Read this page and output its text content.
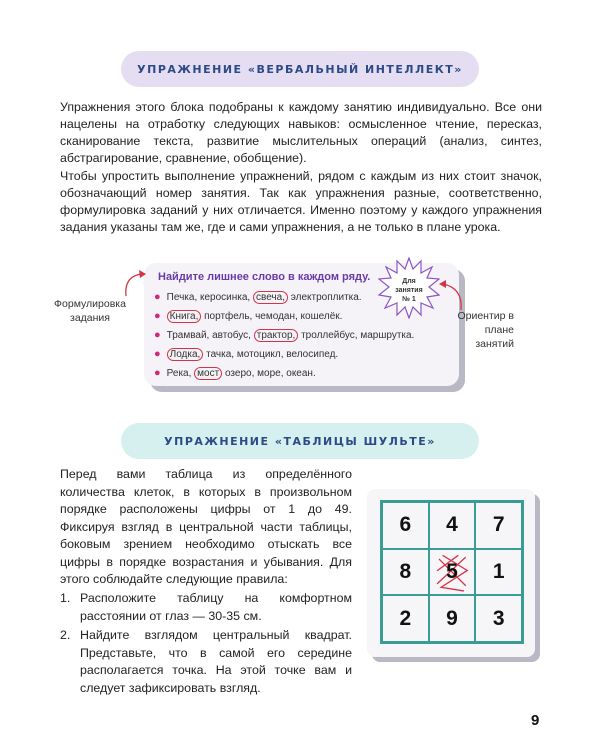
УПРАЖНЕНИЕ «ВЕРБАЛЬНЫЙ ИНТЕЛЛЕКТ»

Упражнения этого блока подобраны к каждому занятию индивидуально. Все они нацелены на отработку следующих навыков: осмысленное чтение, пересказ, сканирование текста, развитие мыслительных операций (анализ, синтез, абстрагирование, сравнение, обобщение).

Чтобы упростить выполнение упражнений, рядом с каждым из них стоит значок, обозначающий номер занятия. Так как упражнения разные, соответственно, формулировка заданий у них отличается. Именно поэтому у каждого упражнения задания указаны там же, где и сами упражнения, а не только в плане урока.

Найдите лишнее слово в каждом ряду.
● Печка, керосинка, свеча, электроплитка.
● Книга, портфель, чемодан, кошелёк.
● Трамвай, автобус, трактор, троллейбус, маршрутка.
● Лодка, тачка, мотоцикл, велосипед.
● Река, мост озеро, море, океан.
Для
занятия
№ 1
Формулировка задания	Ориентир в плане занятий
УПРАЖНЕНИЕ «ТАБЛИЦЫ ШУЛЬТЕ»

Перед вами таблица из определённого количества клеток, в которых в произвольном порядке расположены цифры от 1 до 49. Фиксируя взгляд в центральной части таблицы, боковым зрением необходимо отыскать все цифры в порядке возрастания и убывания. Для этого соблюдайте следующие правила:

1. Расположите таблицу на комфортном расстоянии от глаз — 30-35 см.
2. Найдите взглядом центральный квадрат. Представьте, что в самой его середине располагается точка. На этой точке вам и следует зафиксировать взгляд.
6	4	7
8	5	1
2	9	3
9
